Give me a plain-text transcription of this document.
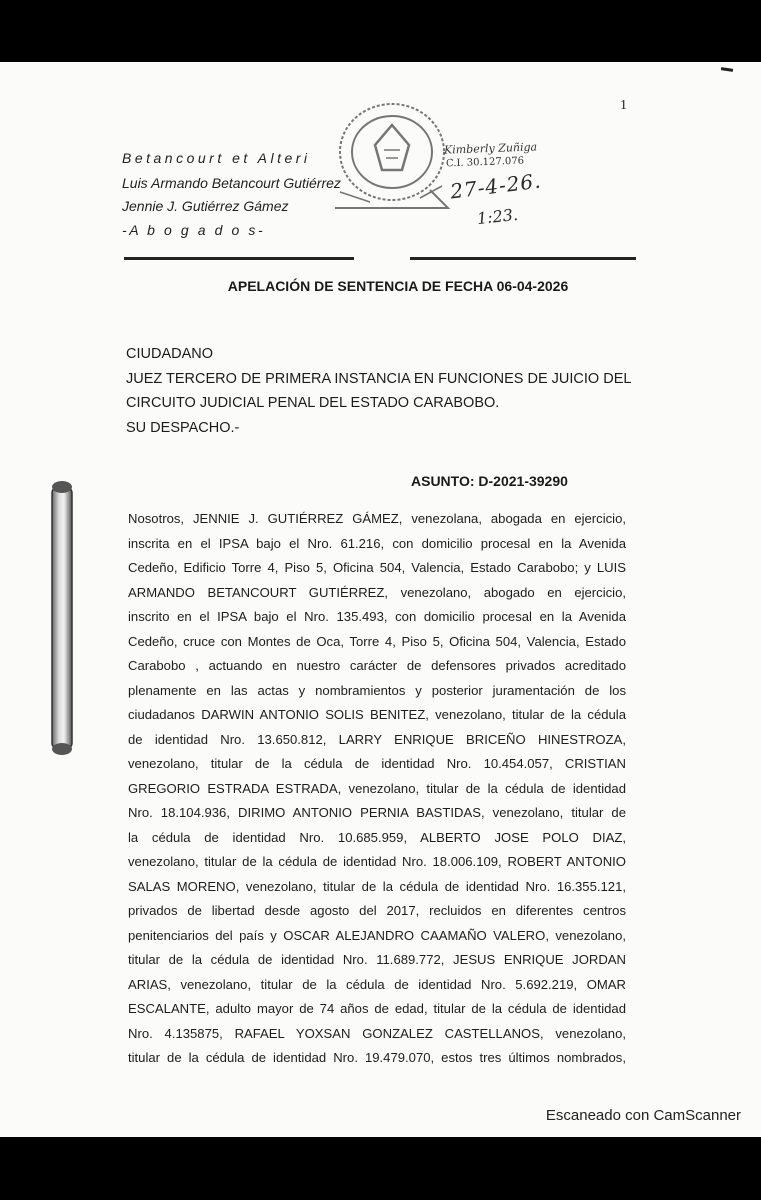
1
Kimberly Zuñiga
C.I. 30.127.076
27-4-26.
1:23.
Betancourt et Alteri
Luis Armando Betancourt Gutiérrez
Jennie J. Gutiérrez Gámez
-A b o g a d o s-
APELACIÓN DE SENTENCIA DE FECHA 06-04-2026
CIUDADANO
JUEZ TERCERO DE PRIMERA INSTANCIA EN FUNCIONES DE JUICIO DEL
CIRCUITO JUDICIAL PENAL DEL ESTADO CARABOBO.
SU DESPACHO.-
ASUNTO: D-2021-39290
Nosotros, JENNIE J. GUTIÉRREZ GÁMEZ, venezolana, abogada en ejercicio,
inscrita en el IPSA bajo el Nro. 61.216, con domicilio procesal en la Avenida
Cedeño, Edificio Torre 4, Piso 5, Oficina 504, Valencia, Estado Carabobo; y LUIS
ARMANDO BETANCOURT GUTIÉRREZ, venezolano, abogado en ejercicio,
inscrito en el IPSA bajo el Nro. 135.493, con domicilio procesal en la Avenida
Cedeño, cruce con Montes de Oca, Torre 4, Piso 5, Oficina 504, Valencia, Estado
Carabobo , actuando en nuestro carácter de defensores privados acreditado
plenamente en las actas y nombramientos y posterior juramentación de los
ciudadanos DARWIN ANTONIO SOLIS BENITEZ, venezolano, titular de la cédula
de identidad Nro. 13.650.812, LARRY ENRIQUE BRICEÑO HINESTROZA,
venezolano, titular de la cédula de identidad Nro. 10.454.057, CRISTIAN
GREGORIO ESTRADA ESTRADA, venezolano, titular de la cédula de identidad
Nro. 18.104.936, DIRIMO ANTONIO PERNIA BASTIDAS, venezolano, titular de
la cédula de identidad Nro. 10.685.959, ALBERTO JOSE POLO DIAZ,
venezolano, titular de la cédula de identidad Nro. 18.006.109, ROBERT ANTONIO
SALAS MORENO, venezolano, titular de la cédula de identidad Nro. 16.355.121,
privados de libertad desde agosto del 2017, recluidos en diferentes centros
penitenciarios del país y OSCAR ALEJANDRO CAAMAÑO VALERO, venezolano,
titular de la cédula de identidad Nro. 11.689.772, JESUS ENRIQUE JORDAN
ARIAS, venezolano, titular de la cédula de identidad Nro. 5.692.219, OMAR
ESCALANTE, adulto mayor de 74 años de edad, titular de la cédula de identidad
Nro. 4.135875, RAFAEL YOXSAN GONZALEZ CASTELLANOS, venezolano,
titular de la cédula de identidad Nro. 19.479.070, estos tres últimos nombrados,
Escaneado con CamScanner
